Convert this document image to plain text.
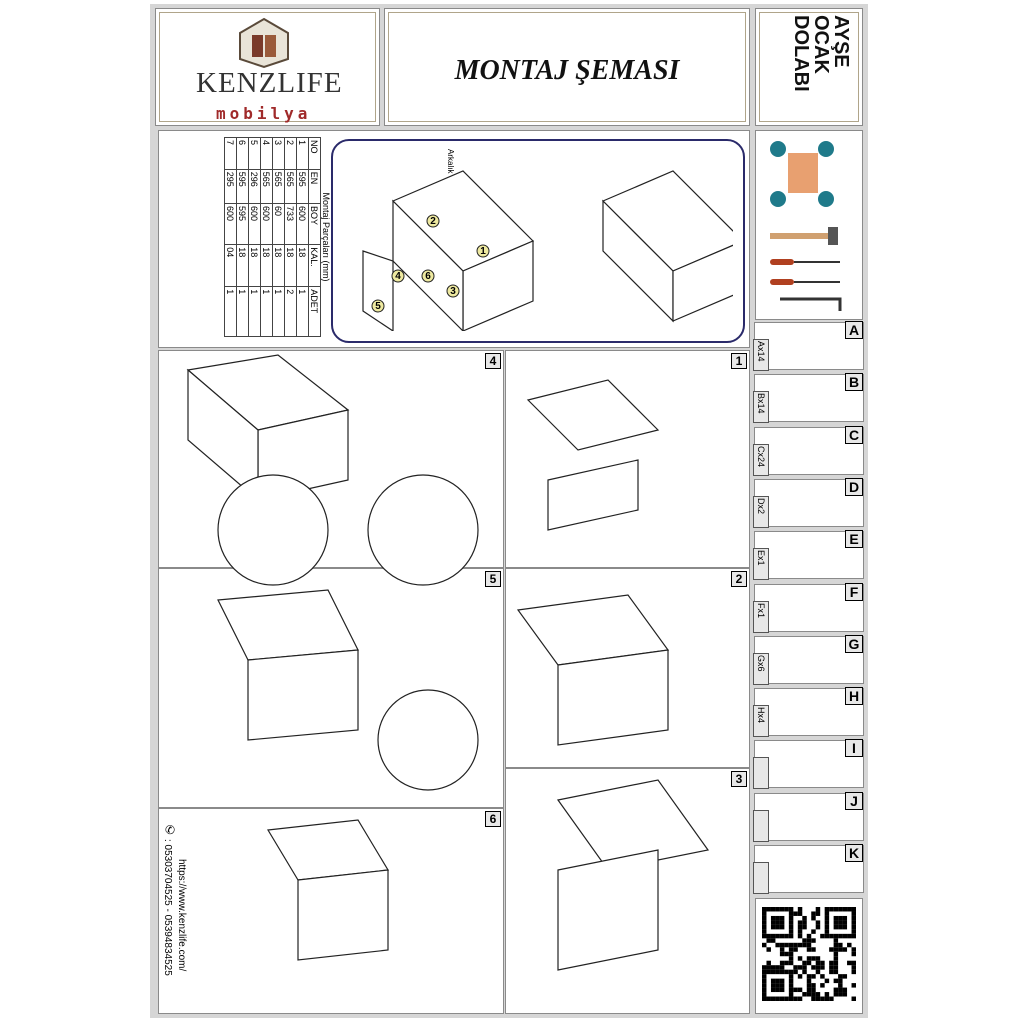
KENZLIFE
mobilya
MONTAJ ŞEMASI
AYŞE
OCAK
DOLABI
Montaj Parçaları (mm)
NO	EN	BOY	KAL.	ADET
1	595	600	18	1
2	565	733	18	2
3	565	60	18	1
4	565	600	18	1
5	296	600	18	1
6	595	595	18	1
7	295	600	04	1
Arkalık
2
1
6
4
5
3
4	1
5	2
6
https://www.kenzlife.com/
: 05303704525 - 05394834525
✆
3
A
Ax14
B
Bx14
C
Cx24
D
Dx2
E
Ex1
F
Fx1
G
Gx6
H
Hx4
I
J
K
